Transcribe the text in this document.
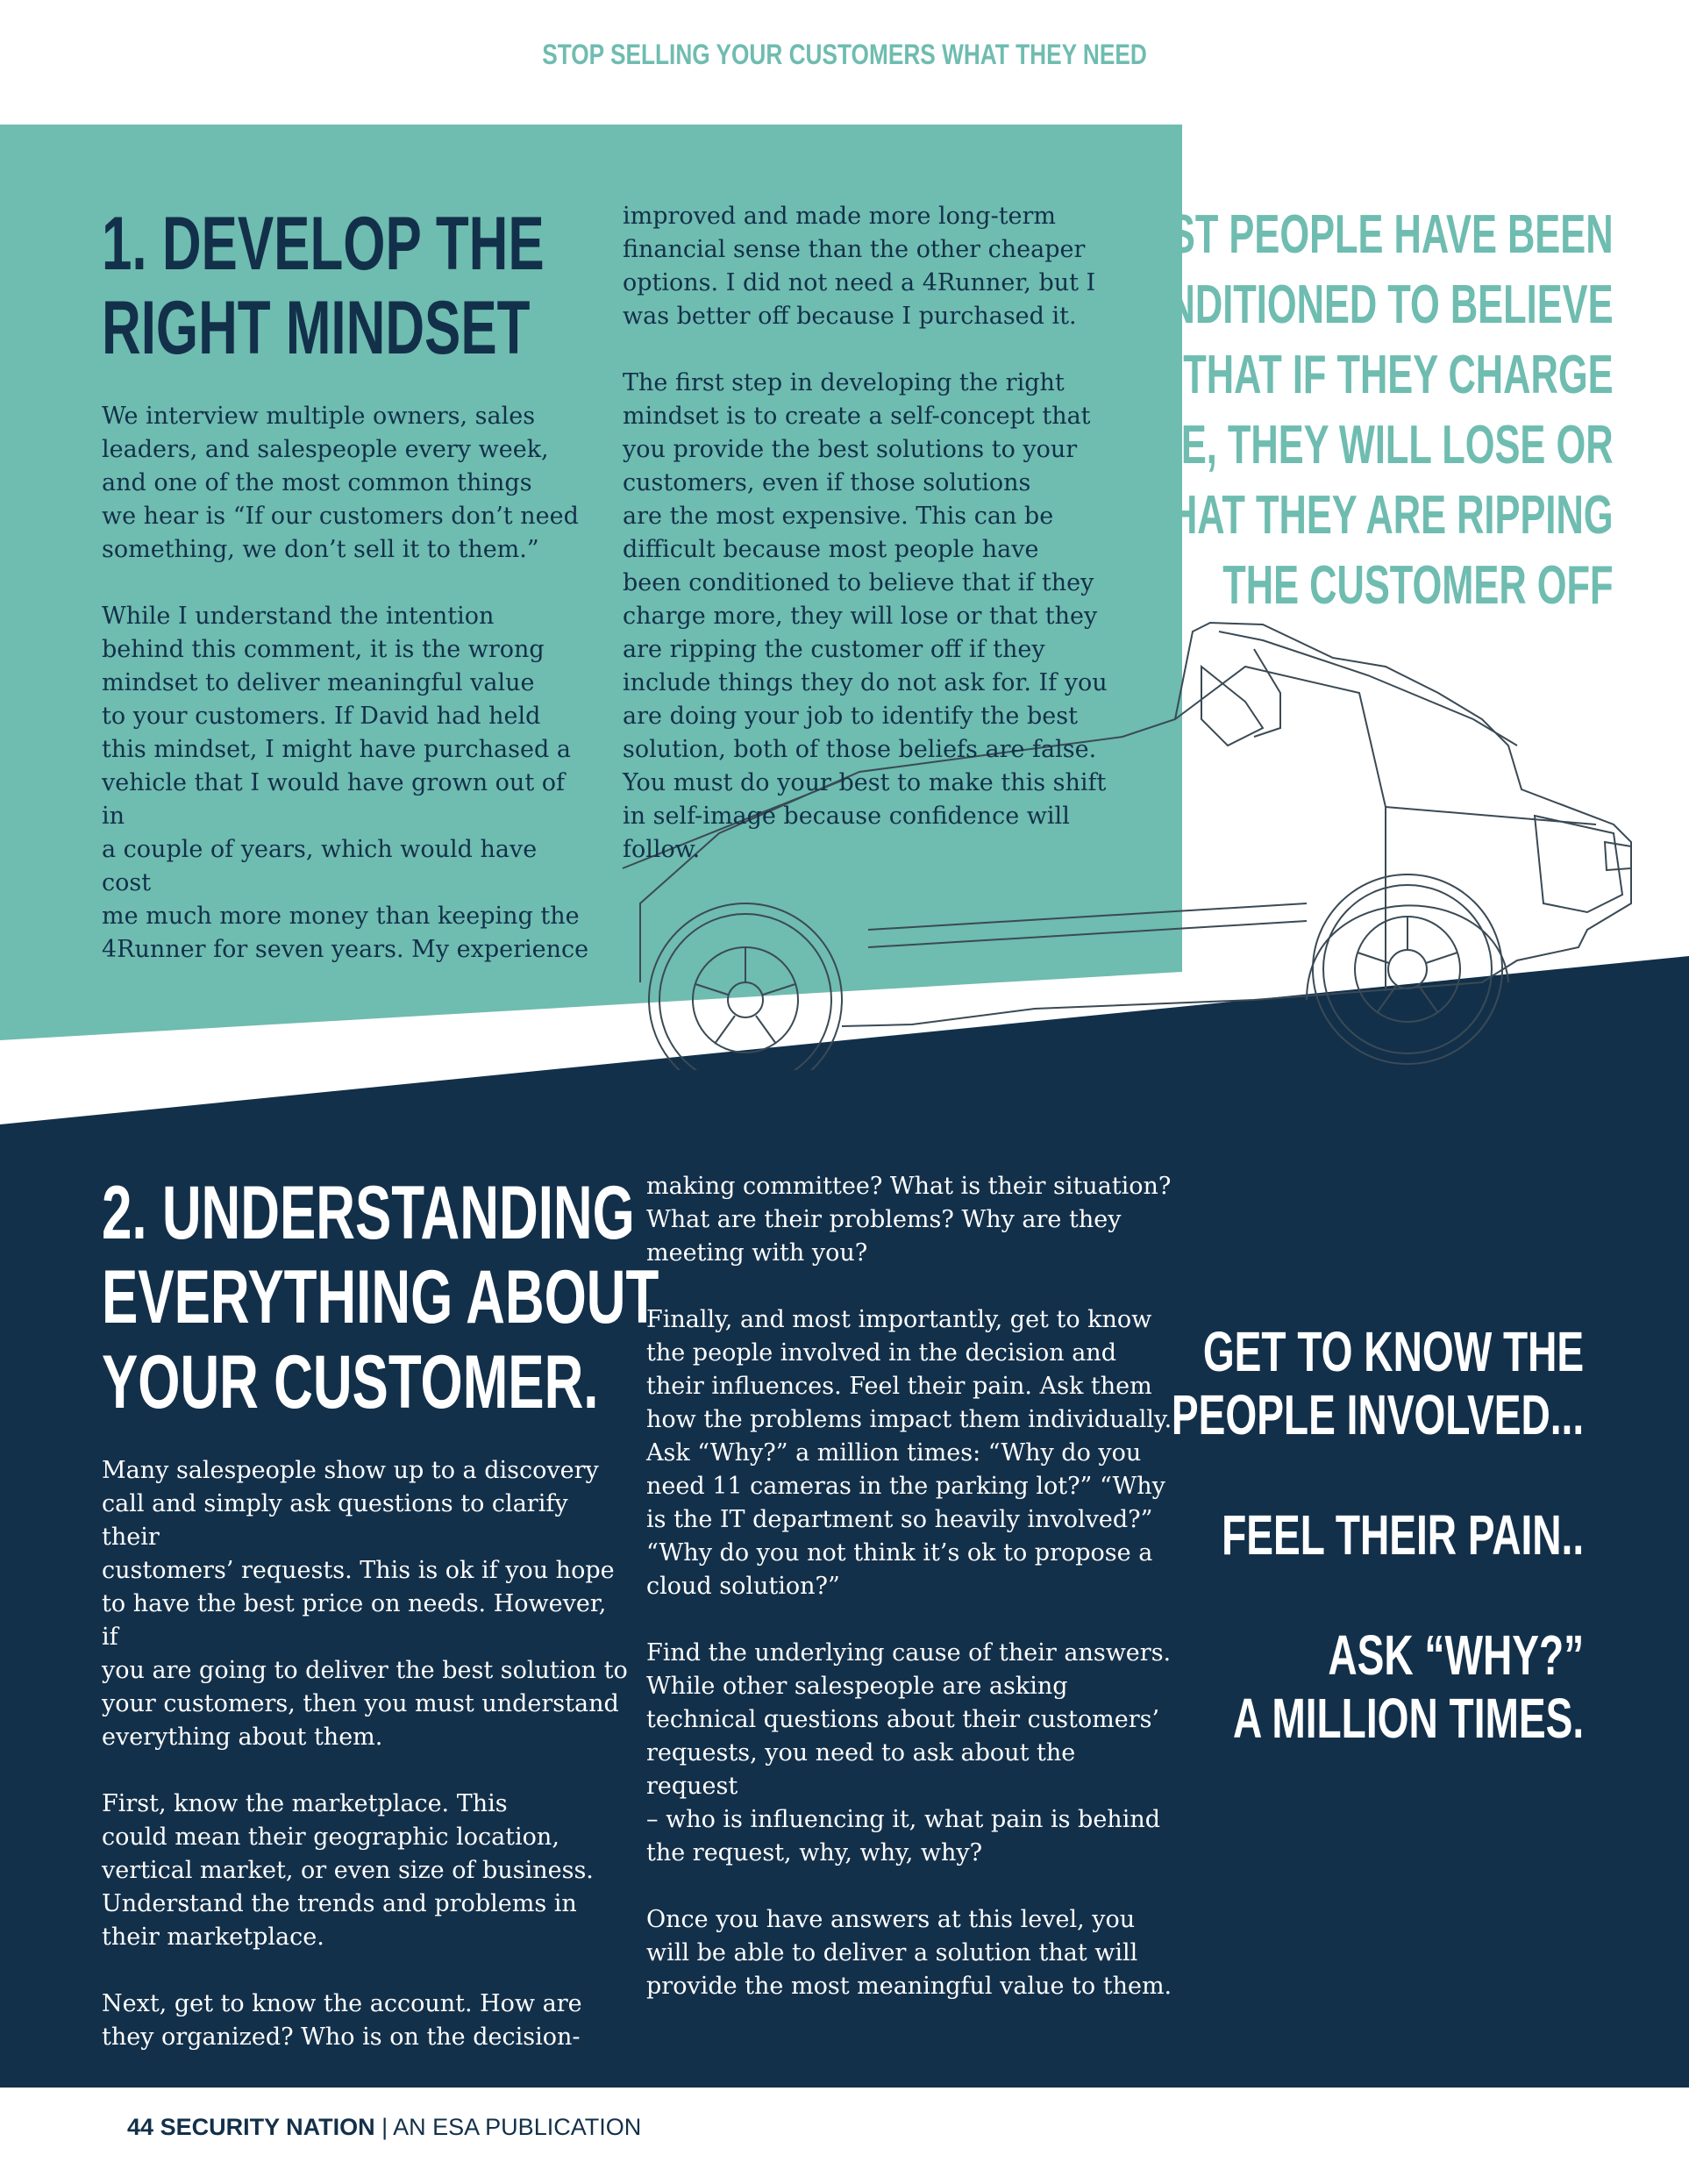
STOP SELLING YOUR CUSTOMERS WHAT THEY NEED
1. DEVELOP THE
RIGHT MINDSET

We interview multiple owners, sales
leaders, and salespeople every week,
and one of the most common things
we hear is “If our customers don’t need
something, we don’t sell it to them.”

While I understand the intention
behind this comment, it is the wrong
mindset to deliver meaningful value
to your customers. If David had held
this mindset, I might have purchased a
vehicle that I would have grown out of in
a couple of years, which would have cost
me much more money than keeping the
4Runner for seven years. My experience

improved and made more long-term
financial sense than the other cheaper
options. I did not need a 4Runner, but I
was better off because I purchased it.

The first step in developing the right
mindset is to create a self-concept that
you provide the best solutions to your
customers, even if those solutions
are the most expensive. This can be
difficult because most people have
been conditioned to believe that if they
charge more, they will lose or that they
are ripping the customer off if they
include things they do not ask for. If you
are doing your job to identify the best
solution, both of those beliefs are false.
You must do your best to make this shift
in self-image because confidence will
follow.

MOST PEOPLE HAVE BEEN
CONDITIONED TO BELIEVE
THAT IF THEY CHARGE
MORE, THEY WILL LOSE OR
THAT THEY ARE RIPPING
THE CUSTOMER OFF
2. UNDERSTANDING
EVERYTHING ABOUT
YOUR CUSTOMER.

Many salespeople show up to a discovery
call and simply ask questions to clarify their
customers’ requests. This is ok if you hope
to have the best price on needs. However, if
you are going to deliver the best solution to
your customers, then you must understand
everything about them.

First, know the marketplace. This
could mean their geographic location,
vertical market, or even size of business.
Understand the trends and problems in
their marketplace.

Next, get to know the account. How are
they organized? Who is on the decision-

making committee? What is their situation?
What are their problems? Why are they
meeting with you?

Finally, and most importantly, get to know
the people involved in the decision and
their influences. Feel their pain. Ask them
how the problems impact them individually.
Ask “Why?” a million times: “Why do you
need 11 cameras in the parking lot?” “Why
is the IT department so heavily involved?”
“Why do you not think it’s ok to propose a
cloud solution?”

Find the underlying cause of their answers.
While other salespeople are asking
technical questions about their customers’
requests, you need to ask about the request
– who is influencing it, what pain is behind
the request, why, why, why?

Once you have answers at this level, you
will be able to deliver a solution that will
provide the most meaningful value to them.

GET TO KNOW THE
PEOPLE INVOLVED...
FEEL THEIR PAIN..
ASK “WHY?”
A MILLION TIMES.
44 SECURITY NATION | AN ESA PUBLICATION
